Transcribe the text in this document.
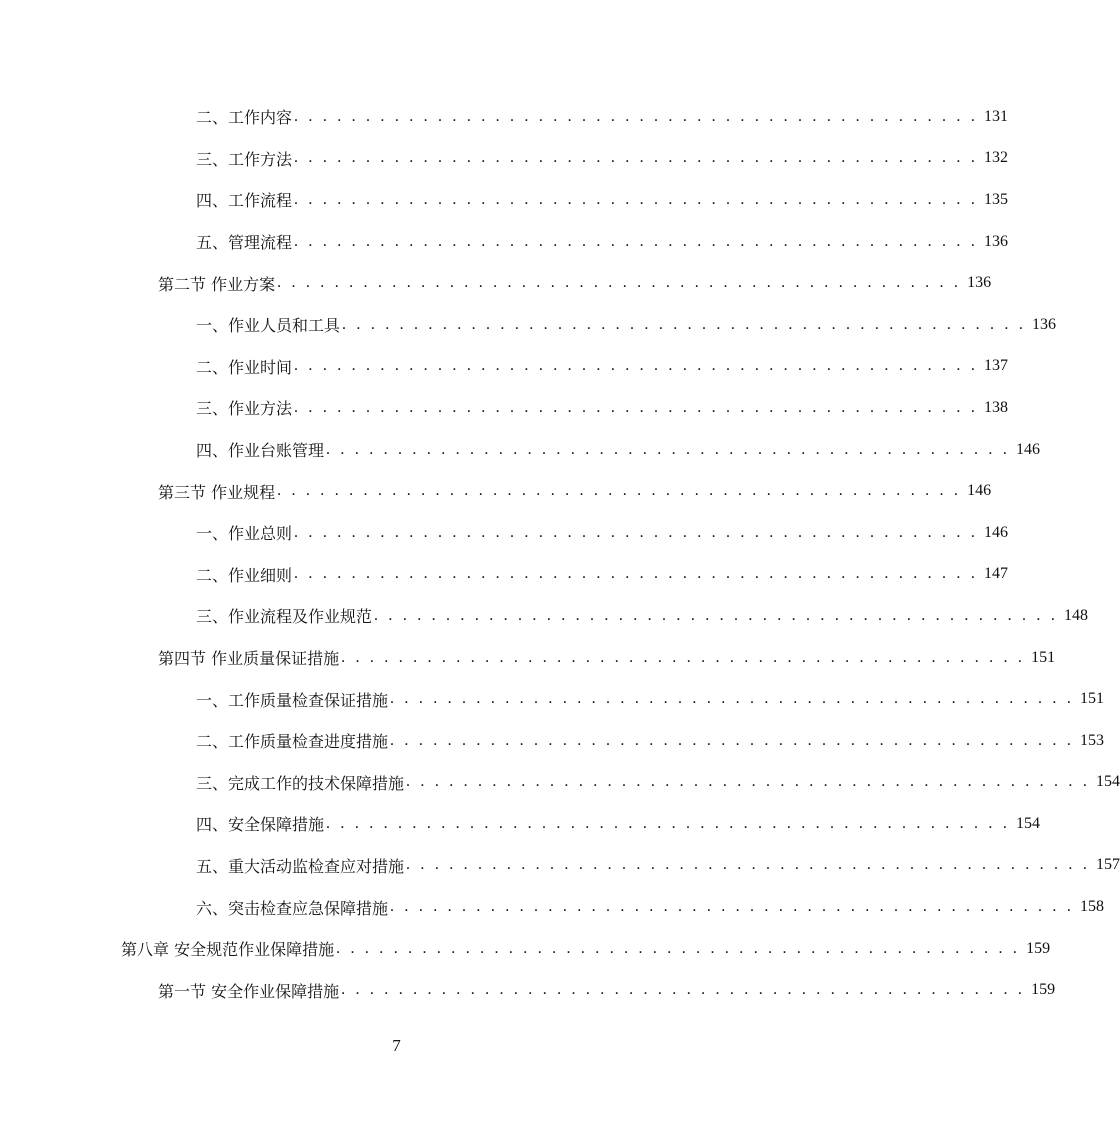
二、工作内容 . . . . . . . . . . . . . . . . . . . . . . . . . . . . . . . . . . . . . . . . . . . . . . . . 131
三、工作方法 . . . . . . . . . . . . . . . . . . . . . . . . . . . . . . . . . . . . . . . . . . . . . . . . 132
四、工作流程 . . . . . . . . . . . . . . . . . . . . . . . . . . . . . . . . . . . . . . . . . . . . . . . . 135
五、管理流程 . . . . . . . . . . . . . . . . . . . . . . . . . . . . . . . . . . . . . . . . . . . . . . . . 136
第二节 作业方案 . . . . . . . . . . . . . . . . . . . . . . . . . . . . . . . . . . . . . . . . . . . . . . . . 136
一、作业人员和工具 . . . . . . . . . . . . . . . . . . . . . . . . . . . . . . . . . . . . . . . . . . . . . . . . 136
二、作业时间 . . . . . . . . . . . . . . . . . . . . . . . . . . . . . . . . . . . . . . . . . . . . . . . . 137
三、作业方法 . . . . . . . . . . . . . . . . . . . . . . . . . . . . . . . . . . . . . . . . . . . . . . . . 138
四、作业台账管理 . . . . . . . . . . . . . . . . . . . . . . . . . . . . . . . . . . . . . . . . . . . . . . . . 146
第三节 作业规程 . . . . . . . . . . . . . . . . . . . . . . . . . . . . . . . . . . . . . . . . . . . . . . . . 146
一、作业总则 . . . . . . . . . . . . . . . . . . . . . . . . . . . . . . . . . . . . . . . . . . . . . . . . 146
二、作业细则 . . . . . . . . . . . . . . . . . . . . . . . . . . . . . . . . . . . . . . . . . . . . . . . . 147
三、作业流程及作业规范 . . . . . . . . . . . . . . . . . . . . . . . . . . . . . . . . . . . . . . . . . . . . . . . . 148
第四节 作业质量保证措施 . . . . . . . . . . . . . . . . . . . . . . . . . . . . . . . . . . . . . . . . . . . . . . . . 151
一、工作质量检查保证措施 . . . . . . . . . . . . . . . . . . . . . . . . . . . . . . . . . . . . . . . . . . . . . . . . 151
二、工作质量检查进度措施 . . . . . . . . . . . . . . . . . . . . . . . . . . . . . . . . . . . . . . . . . . . . . . . . 153
三、完成工作的技术保障措施 . . . . . . . . . . . . . . . . . . . . . . . . . . . . . . . . . . . . . . . . . . . . . . . . 154
四、安全保障措施 . . . . . . . . . . . . . . . . . . . . . . . . . . . . . . . . . . . . . . . . . . . . . . . . 154
五、重大活动监检查应对措施 . . . . . . . . . . . . . . . . . . . . . . . . . . . . . . . . . . . . . . . . . . . . . . . . 157
六、突击检查应急保障措施 . . . . . . . . . . . . . . . . . . . . . . . . . . . . . . . . . . . . . . . . . . . . . . . . 158
第八章 安全规范作业保障措施 . . . . . . . . . . . . . . . . . . . . . . . . . . . . . . . . . . . . . . . . . . . . . . . . 159
第一节 安全作业保障措施 . . . . . . . . . . . . . . . . . . . . . . . . . . . . . . . . . . . . . . . . . . . . . . . . 159
7
